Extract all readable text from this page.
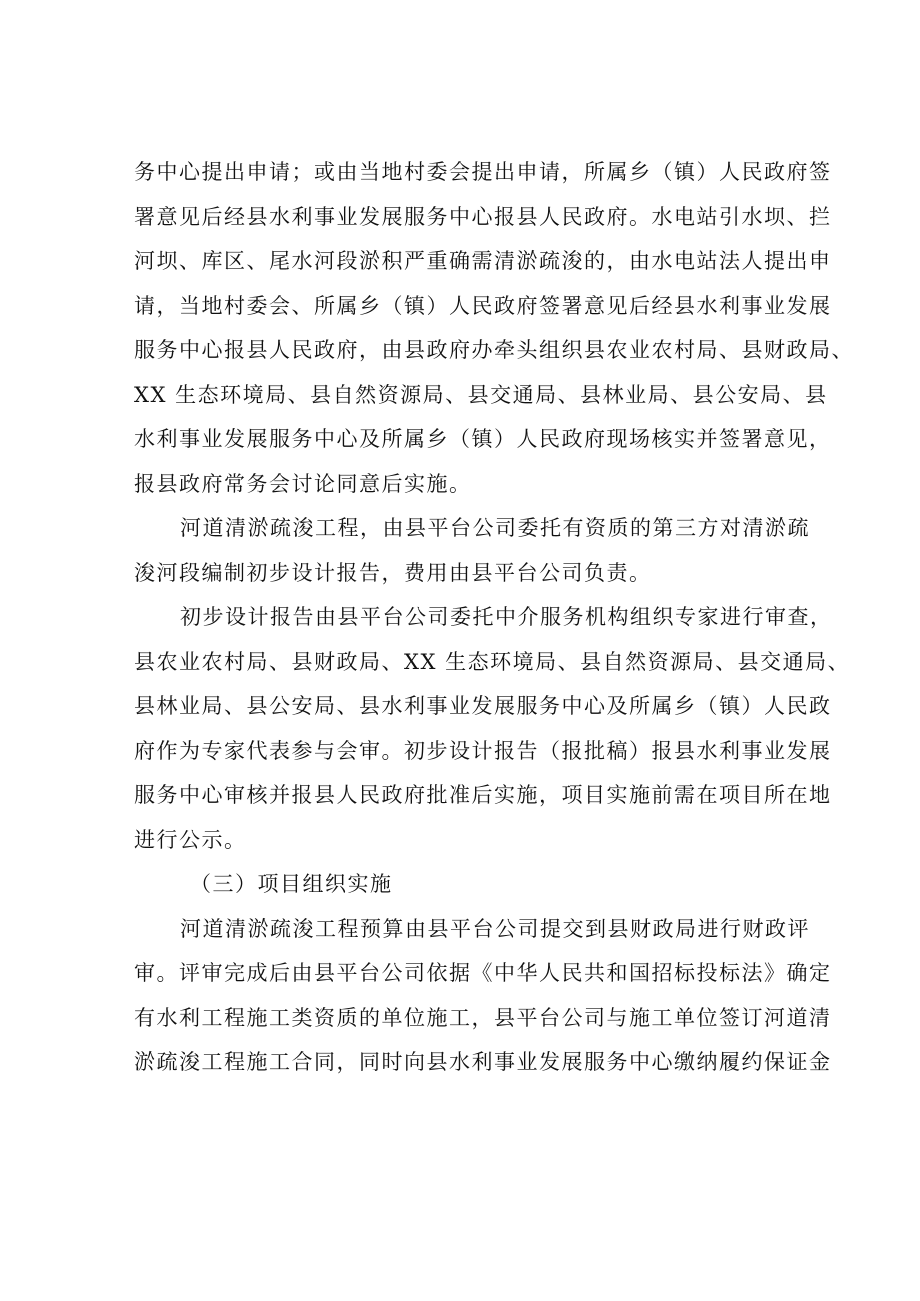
务中心提出申请；或由当地村委会提出申请，所属乡（镇）人民政府签
署意见后经县水利事业发展服务中心报县人民政府。水电站引水坝、拦
河坝、库区、尾水河段淤积严重确需清淤疏浚的，由水电站法人提出申
请，当地村委会、所属乡（镇）人民政府签署意见后经县水利事业发展
服务中心报县人民政府，由县政府办牵头组织县农业农村局、县财政局、
XX 生态环境局、县自然资源局、县交通局、县林业局、县公安局、县
水利事业发展服务中心及所属乡（镇）人民政府现场核实并签署意见，
报县政府常务会讨论同意后实施。
河道清淤疏浚工程，由县平台公司委托有资质的第三方对清淤疏
浚河段编制初步设计报告，费用由县平台公司负责。
初步设计报告由县平台公司委托中介服务机构组织专家进行审查，
县农业农村局、县财政局、XX 生态环境局、县自然资源局、县交通局、
县林业局、县公安局、县水利事业发展服务中心及所属乡（镇）人民政
府作为专家代表参与会审。初步设计报告（报批稿）报县水利事业发展
服务中心审核并报县人民政府批准后实施，项目实施前需在项目所在地
进行公示。
（三）项目组织实施
河道清淤疏浚工程预算由县平台公司提交到县财政局进行财政评
审。评审完成后由县平台公司依据《中华人民共和国招标投标法》确定
有水利工程施工类资质的单位施工，县平台公司与施工单位签订河道清
淤疏浚工程施工合同，同时向县水利事业发展服务中心缴纳履约保证金
